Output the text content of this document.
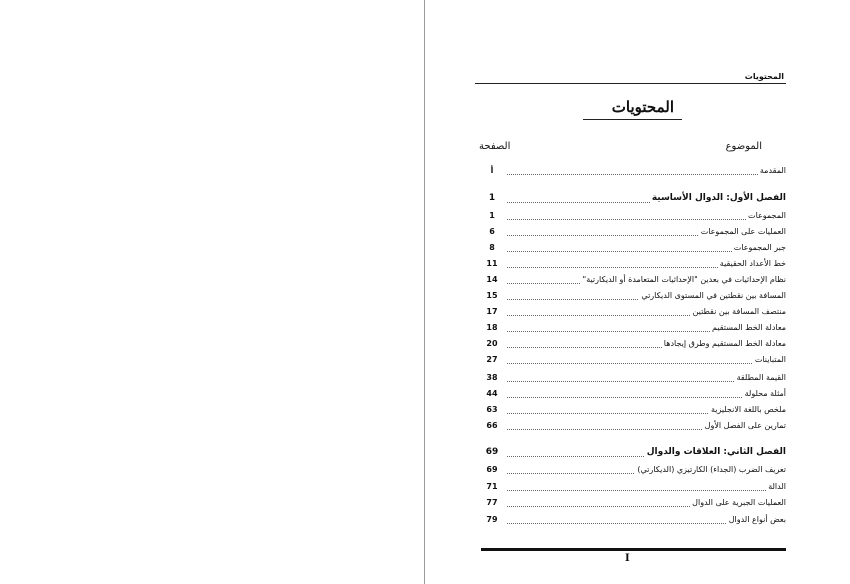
المحتويات
المحتويات
الموضوع
الصفحة
المقدمة
أ
الفصل الأول: الدوال الأساسية
1
المجموعات
1
العمليات على المجموعات
6
جبر المجموعات
8
خط الأعداد الحقيقية
11
نظام الإحداثيات في بعدين "الإحداثيات المتعامدة أو الديكارتية"
14
المسافة بين نقطتين في المستوى الديكارتي
15
منتصف المسافة بين نقطتين
17
معادلة الخط المستقيم
18
معادلة الخط المستقيم وطرق إيجادها
20
المتباينات
27
القيمة المطلقة
38
أمثلة محلولة
44
ملخص باللغة الانجليزية
63
تمارين على الفصل الأول
66
الفصل الثاني: العلاقات والدوال
69
تعريف الضرب (الجداء) الكارتيزي (الديكارتي)
69
الدالة
71
العمليات الجبرية على الدوال
77
بعض أنواع الدوال
79
I
